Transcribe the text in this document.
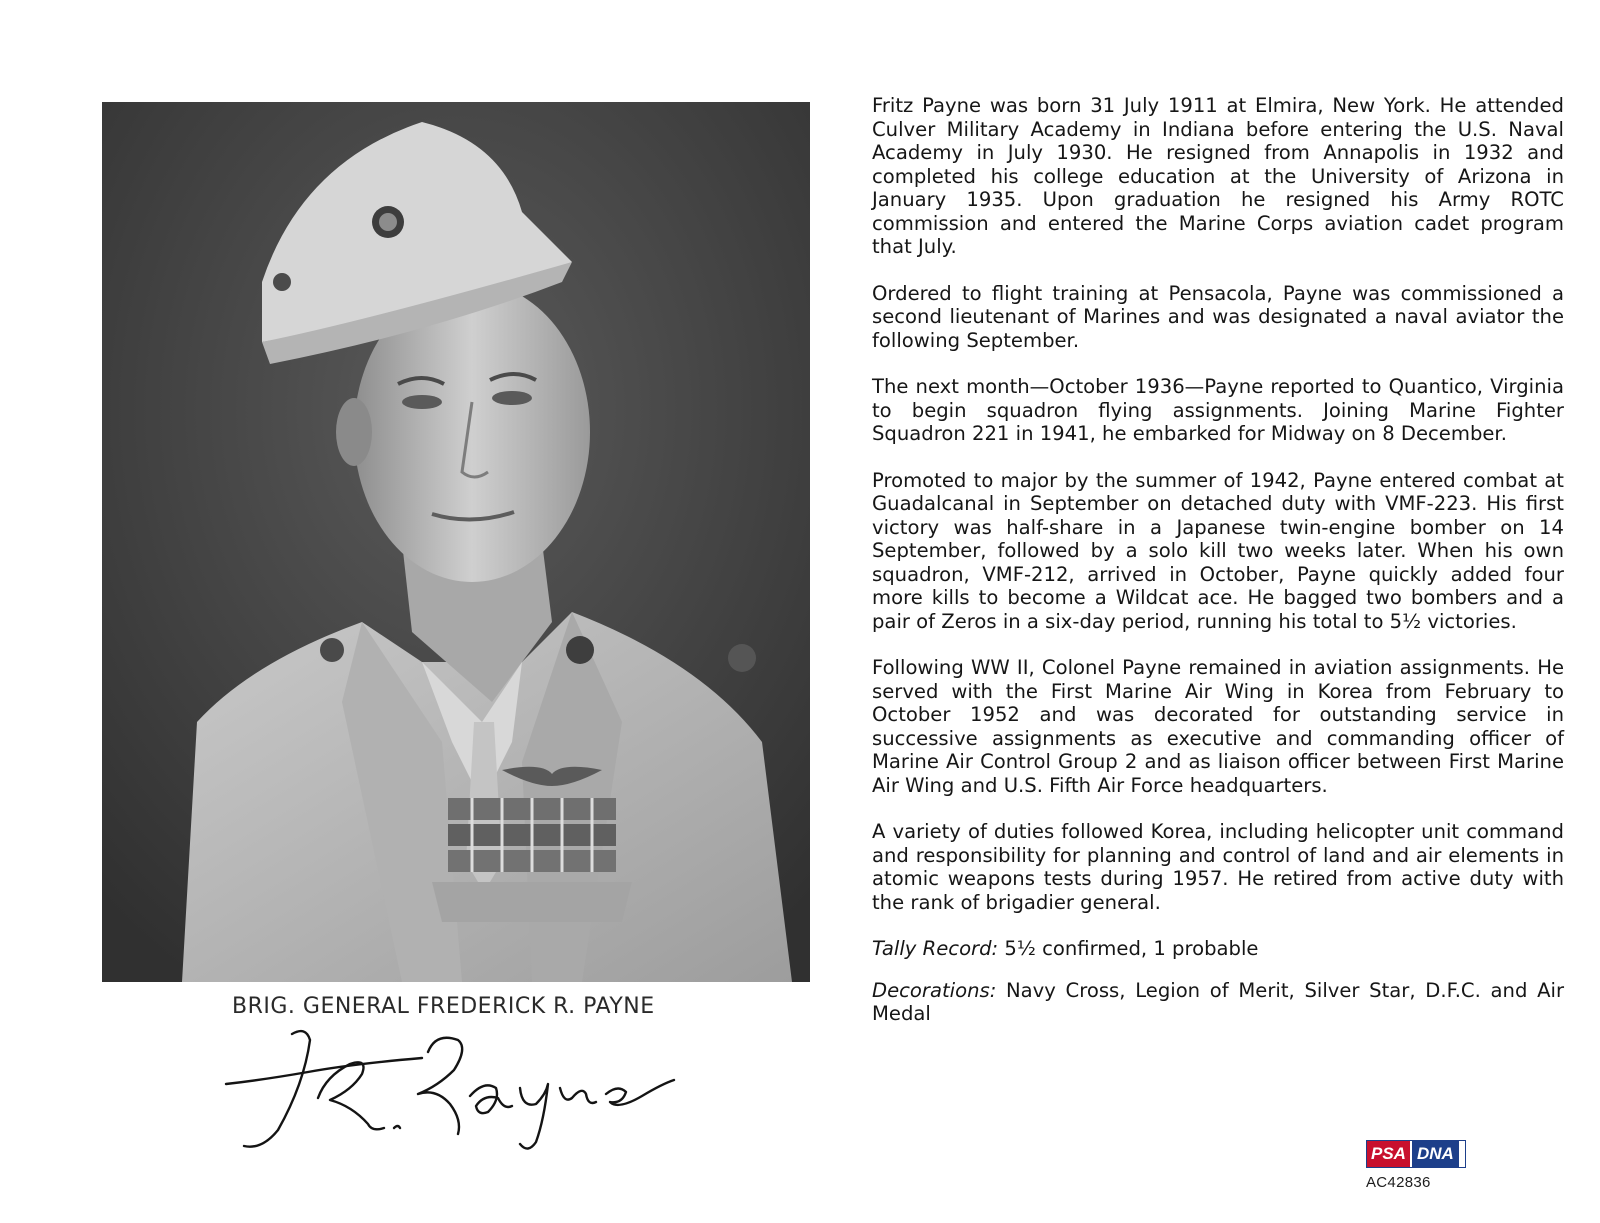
BRIG. GENERAL FREDERICK R. PAYNE

Fritz Payne was born 31 July 1911 at Elmira, New York. He attended Culver Military Academy in Indiana before entering the U.S. Naval Academy in July 1930. He resigned from Annapolis in 1932 and completed his college education at the University of Arizona in January 1935. Upon graduation he resigned his Army ROTC commission and entered the Marine Corps aviation cadet program that July.

Ordered to flight training at Pensacola, Payne was commissioned a second lieutenant of Marines and was designated a naval aviator the following September.

The next month—October 1936—Payne reported to Quantico, Virginia to begin squadron flying assignments. Joining Marine Fighter Squadron 221 in 1941, he embarked for Midway on 8 December.

Promoted to major by the summer of 1942, Payne entered combat at Guadalcanal in September on detached duty with VMF-223. His first victory was half-share in a Japanese twin-engine bomber on 14 September, followed by a solo kill two weeks later. When his own squadron, VMF-212, arrived in October, Payne quickly added four more kills to become a Wildcat ace. He bagged two bombers and a pair of Zeros in a six-day period, running his total to 5½ victories.

Following WW II, Colonel Payne remained in aviation assignments. He served with the First Marine Air Wing in Korea from February to October 1952 and was decorated for outstanding service in successive assignments as executive and commanding officer of Marine Air Control Group 2 and as liaison officer between First Marine Air Wing and U.S. Fifth Air Force headquarters.

A variety of duties followed Korea, including helicopter unit command and responsibility for planning and control of land and air elements in atomic weapons tests during 1957. He retired from active duty with the rank of brigadier general.

Tally Record: 5½ confirmed, 1 probable

Decorations: Navy Cross, Legion of Merit, Silver Star, D.F.C. and Air Medal

PSA DNA
AC42836
